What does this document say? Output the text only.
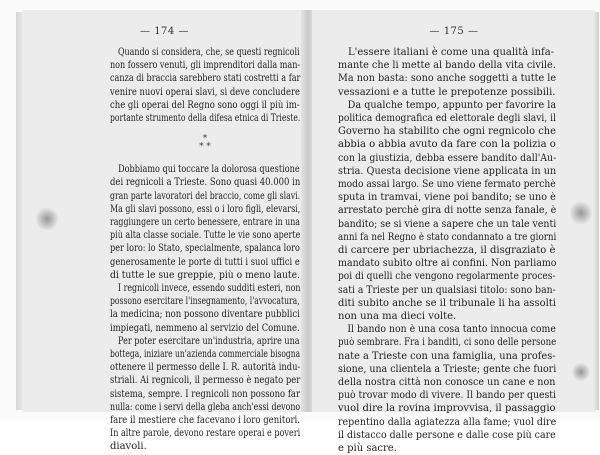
— 174 —
Quando si considera, che, se questi regnicoli
non fossero venuti, gli imprenditori dalla man-
canza di braccia sarebbero stati costretti a far
venire nuovi operai slavi, si deve concludere
che gli operai del Regno sono oggi il più im-
portante strumento della difesa etnica di Trieste.
*
* *
Dobbiamo qui toccare la dolorosa questione
dei regnicoli a Trieste. Sono quasi 40.000 in
gran parte lavoratori del braccio, come gli slavi.
Ma gli slavi possono, essi o i loro figli, elevarsi,
raggiungere un certo benessere, entrare in una
più alta classe sociale. Tutte le vie sono aperte
per loro: lo Stato, specialmente, spalanca loro
generosamente le porte di tutti i suoi uffici e
di tutte le sue greppie, più o meno laute.
I regnicoli invece, essendo sudditi esteri, non
possono esercitare l'insegnamento, l'avvocatura,
la medicina; non possono diventare pubblici
impiegati, nemmeno al servizio del Comune.
Per poter esercitare un'industria, aprire una
bottega, iniziare un'azienda commerciale bisogna
ottenere il permesso delle I. R. autorità indu-
striali. Ai regnicoli, il permesso è negato per
sistema, sempre. I regnicoli non possono far
nulla: come i servi della gleba anch'essi devono
fare il mestiere che facevano i loro genitori.
In altre parole, devono restare operai e poveri
diavoli.
— 175 —
L'essere italiani è come una qualità infa-
mante che li mette al bando della vita civile.
Ma non basta: sono anche soggetti a tutte le
vessazioni e a tutte le prepotenze possibili.
Da qualche tempo, appunto per favorire la
politica demografica ed elettorale degli slavi, il
Governo ha stabilito che ogni regnicolo che
abbia o abbia avuto da fare con la polizia o
con la giustizia, debba essere bandito dall'Au-
stria. Questa decisione viene applicata in un
modo assai largo. Se uno viene fermato perchè
sputa in tramvai, viene poi bandito; se uno è
arrestato perchè gira di notte senza fanale, è
bandito; se si viene a sapere che un tale venti
anni fa nel Regno è stato condannato a tre giorni
di carcere per ubriachezza, il disgraziato è
mandato subito oltre ai confini. Non parliamo
poi di quelli che vengono regolarmente proces-
sati a Trieste per un qualsiasi titolo: sono ban-
diti subito anche se il tribunale li ha assolti
non una ma dieci volte.
Il bando non è una cosa tanto innocua come
può sembrare. Fra i banditi, ci sono delle persone
nate a Trieste con una famiglia, una profes-
sione, una clientela a Trieste; gente che fuori
della nostra città non conosce un cane e non
può trovar modo di vivere. Il bando per questi
vuol dire la rovina improvvisa, il passaggio
repentino dalla agiatezza alla fame; vuol dire
il distacco dalle persone e dalle cose più care
e più sacre.
